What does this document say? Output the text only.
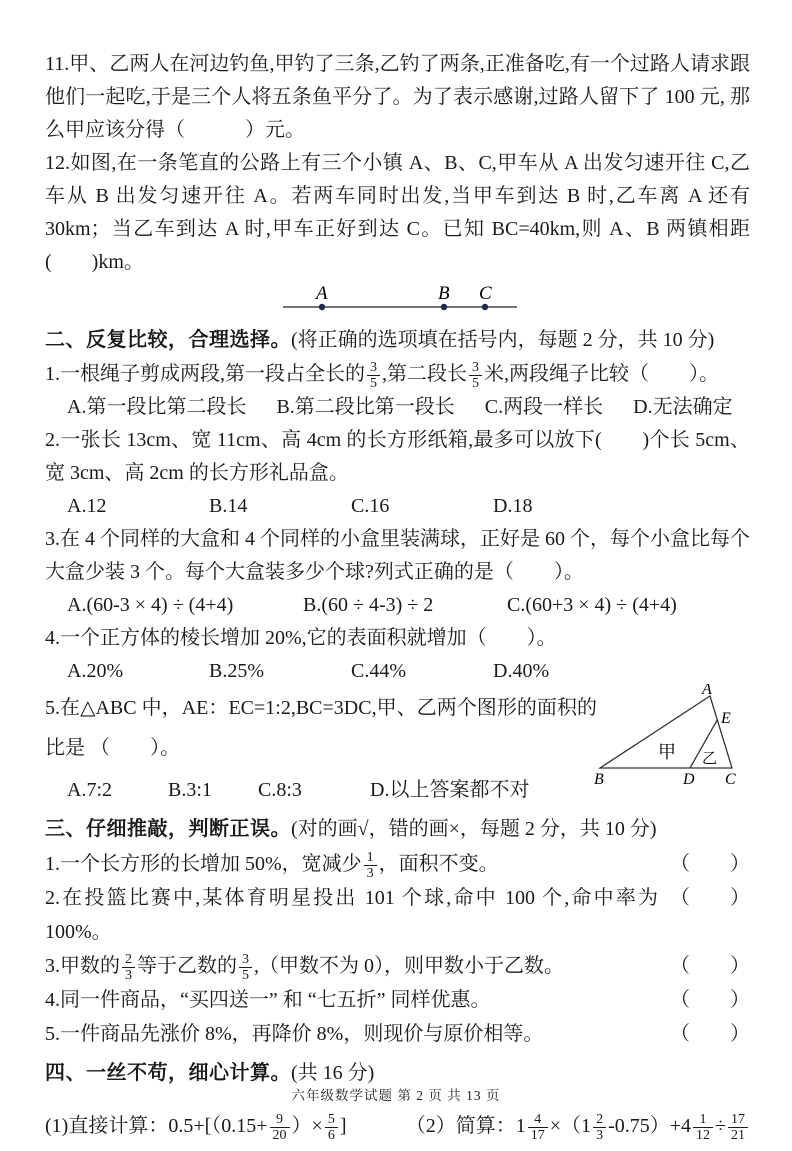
11.甲、乙两人在河边钓鱼,甲钓了三条,乙钓了两条,正准备吃,有一个过路人请求跟他们一起吃,于是三个人将五条鱼平分了。为了表示感谢,过路人留下了 100 元, 那么甲应该分得（　　　）元。
12.如图,在一条笔直的公路上有三个小镇 A、B、C,甲车从 A 出发匀速开往 C,乙车从 B 出发匀速开往 A。若两车同时出发,当甲车到达 B 时,乙车离 A 还有 30km；当乙车到达 A 时,甲车正好到达 C。已知 BC=40km,则 A、B 两镇相距(　　)km。
A	B C
二、反复比较，合理选择。(将正确的选项填在括号内，每题 2 分，共 10 分)
1.一根绳子剪成两段,第一段占全长的 $\frac{3}{5}$ ,第二段长 $\frac{3}{5}$ 米,两段绳子比较（　　）。
A.第一段比第二段长 B.第二段比第一段长 C.两段一样长 D.无法确定
2.一张长 13cm、宽 11cm、高 4cm 的长方形纸箱,最多可以放下(　　)个长 5cm、宽 3cm、高 2cm 的长方形礼品盒。
A.12	B.14	C.16	D.18
3.在 4 个同样的大盒和 4 个同样的小盒里装满球，正好是 60 个，每个小盒比每个大盒少装 3 个。每个大盒装多少个球?列式正确的是（　　）。
A.(60-3 × 4) ÷ (4+4)	B.(60 ÷ 4-3) ÷ 2	C.(60+3 × 4) ÷ (4+4)
4.一个正方体的棱长增加 20%,它的表面积就增加（　　）。
A.20%	B.25%	C.44%	D.40%
5.在△ABC 中，AE：EC=1:2,BC=3DC,甲、乙两个图形的面积的比是 （　　）。
A
E
B	D C
甲 乙
A.7:2	B.3:1	C.8:3	D.以上答案都不对
三、仔细推敲，判断正误。(对的画√，错的画×，每题 2 分，共 10 分)
1.一个长方形的长增加 50%，宽减少 $\frac{1}{3}$ ，面积不变。	（　　）
2.在投篮比赛中,某体育明星投出 101 个球,命中 100 个,命中率为 100%。
（　　）
3.甲数的 $\frac{2}{3}$ 等于乙数的 $\frac{3}{5}$ ,（甲数不为 0），则甲数小于乙数。	（　　）
4.同一件商品，“买四送一” 和 “七五折” 同样优惠。	（　　）
5.一件商品先涨价 8%，再降价 8%，则现价与原价相等。	（　　）
四、一丝不苟，细心计算。(共 16 分)
(1)直接计算：$0.5+[(0.15+ \frac{9}{20}$ ）× $\frac{5}{6}$ ]	（2）简算：$1 \frac{4}{17} \times(1 \frac{2}{3} -0.75)+4 \frac{1}{12} \div \frac{17}{21}$
六年级数学试题 第 2 页 共 13 页
